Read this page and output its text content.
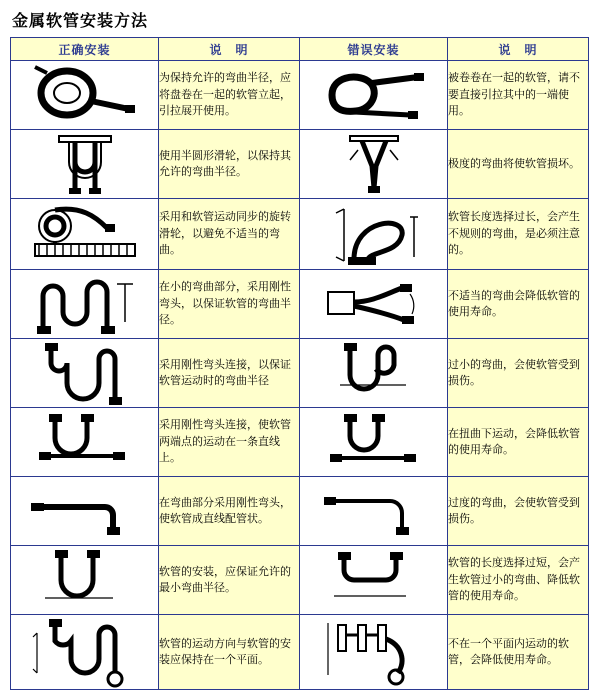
金属软管安装方法
正确安装	说　明	错误安装	说　明

	为保持允许的弯曲半径，应将盘卷在一起的软管立起，引拉展开使用。		被卷卷在一起的软管，请不要直接引拉其中的一端使用。

	使用半圆形滑轮，以保持其允许的弯曲半径。		极度的弯曲将使软管损坏。

	采用和软管运动同步的旋转滑轮，以避免不适当的弯曲。		软管长度选择过长，会产生不规则的弯曲，是必须注意的。

	在小的弯曲部分，采用刚性弯头，以保证软管的弯曲半径。		不适当的弯曲会降低软管的使用寿命。

	采用刚性弯头连接，以保证软管运动时的弯曲半径		过小的弯曲，会使软管受到损伤。

	采用刚性弯头连接，使软管两端点的运动在一条直线上。		在扭曲下运动，会降低软管的使用寿命。

	在弯曲部分采用刚性弯头，使软管成直线配管状。		过度的弯曲，会使软管受到损伤。

	软管的安装，应保证允许的最小弯曲半径。		软管的长度选择过短，会产生软管过小的弯曲、降低软管的使用寿命。

	软管的运动方向与软管的安装应保持在一个平面。		不在一个平面内运动的软管，会降低使用寿命。
